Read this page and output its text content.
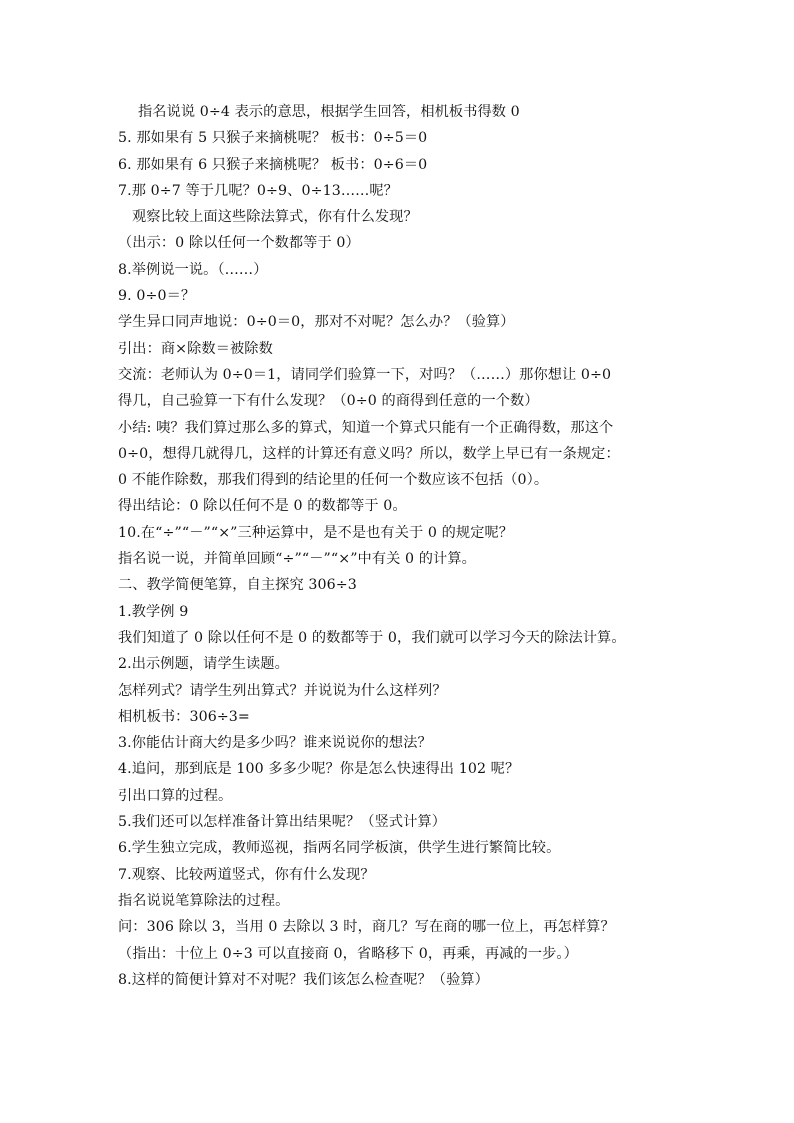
指名说说 0÷4 表示的意思，根据学生回答，相机板书得数 0
5. 那如果有 5 只猴子来摘桃呢？ 板书：0÷5＝0
6. 那如果有 6 只猴子来摘桃呢？ 板书：0÷6＝0
7.那 0÷7 等于几呢？0÷9、0÷13……呢？
观察比较上面这些除法算式，你有什么发现？
（出示：0 除以任何一个数都等于 0）
8.举例说一说。（……）
9. 0÷0＝？
学生异口同声地说：0÷0＝0，那对不对呢？怎么办？（验算）
引出：商×除数＝被除数
交流：老师认为 0÷0＝1，请同学们验算一下，对吗？（……）那你想让 0÷0
得几，自己验算一下有什么发现？（0÷0 的商得到任意的一个数）
小结: 咦？我们算过那么多的算式，知道一个算式只能有一个正确得数，那这个
0÷0，想得几就得几，这样的计算还有意义吗？所以，数学上早已有一条规定：
0 不能作除数，那我们得到的结论里的任何一个数应该不包括（0）。
得出结论：0 除以任何不是 0 的数都等于 0。
10.在“÷”“－”“×”三种运算中，是不是也有关于 0 的规定呢？
指名说一说，并简单回顾“÷”“－”“×”中有关 0 的计算。
二、教学简便笔算，自主探究 306÷3
1.教学例 9
我们知道了 0 除以任何不是 0 的数都等于 0，我们就可以学习今天的除法计算。
2.出示例题，请学生读题。
怎样列式？请学生列出算式？并说说为什么这样列？
相机板书：306÷3=
3.你能估计商大约是多少吗？谁来说说你的想法？
4.追问，那到底是 100 多多少呢？你是怎么快速得出 102 呢？
引出口算的过程。
5.我们还可以怎样准备计算出结果呢？（竖式计算）
6.学生独立完成，教师巡视，指两名同学板演，供学生进行繁简比较。
7.观察、比较两道竖式，你有什么发现？
指名说说笔算除法的过程。
问：306 除以 3，当用 0 去除以 3 时，商几？写在商的哪一位上，再怎样算？
（指出：十位上 0÷3 可以直接商 0，省略移下 0，再乘，再减的一步。）
8.这样的简便计算对不对呢？我们该怎么检查呢？（验算）
